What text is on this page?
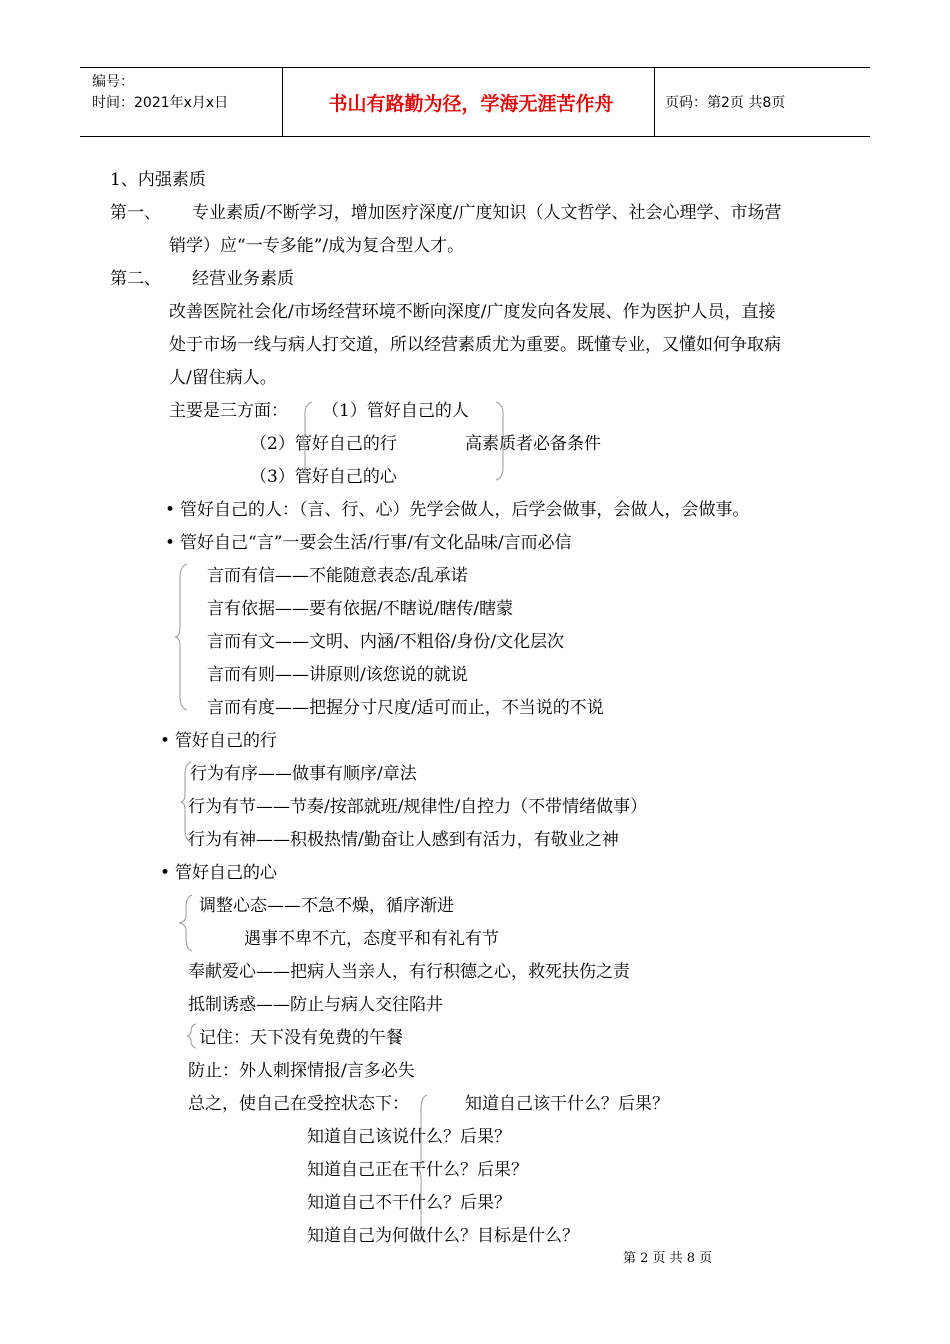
编号：
时间：2021年x月x日	书山有路勤为径，学海无涯苦作舟	页码：第2页 共8页
1、内强素质
第一、 专业素质/不断学习，增加医疗深度/广度知识（人文哲学、社会心理学、市场营
销学）应“一专多能”/成为复合型人才。
第二、 经营业务素质
改善医院社会化/市场经营环境不断向深度/广度发向各发展、作为医护人员，直接
处于市场一线与病人打交道，所以经营素质尤为重要。既懂专业，又懂如何争取病
人/留住病人。
主要是三方面： （1）管好自己的人
（2）管好自己的行	高素质者必备条件
（3）管好自己的心
• 管好自己的人：（言、行、心）先学会做人，后学会做事，会做人，会做事。
• 管好自己“言”一要会生活/行事/有文化品味/言而必信
言而有信——不能随意表态/乱承诺
言有依据——要有依据/不瞎说/瞎传/瞎蒙
言而有文——文明、内涵/不粗俗/身份/文化层次
言而有则——讲原则/该您说的就说
言而有度——把握分寸尺度/适可而止，不当说的不说
• 管好自己的行
行为有序——做事有顺序/章法
行为有节——节奏/按部就班/规律性/自控力（不带情绪做事）
行为有神——积极热情/勤奋让人感到有活力，有敬业之神
• 管好自己的心
调整心态——不急不燥，循序渐进
遇事不卑不亢，态度平和有礼有节
奉献爱心——把病人当亲人，有行积德之心，救死扶伤之责
抵制诱惑——防止与病人交往陷井
记住：天下没有免费的午餐
防止：外人刺探情报/言多必失
总之，使自己在受控状态下：	知道自己该干什么？后果？
知道自己该说什么？后果？
知道自己正在干什么？后果？
知道自己不干什么？后果？
知道自己为何做什么？目标是什么？
第 2 页 共 8 页
